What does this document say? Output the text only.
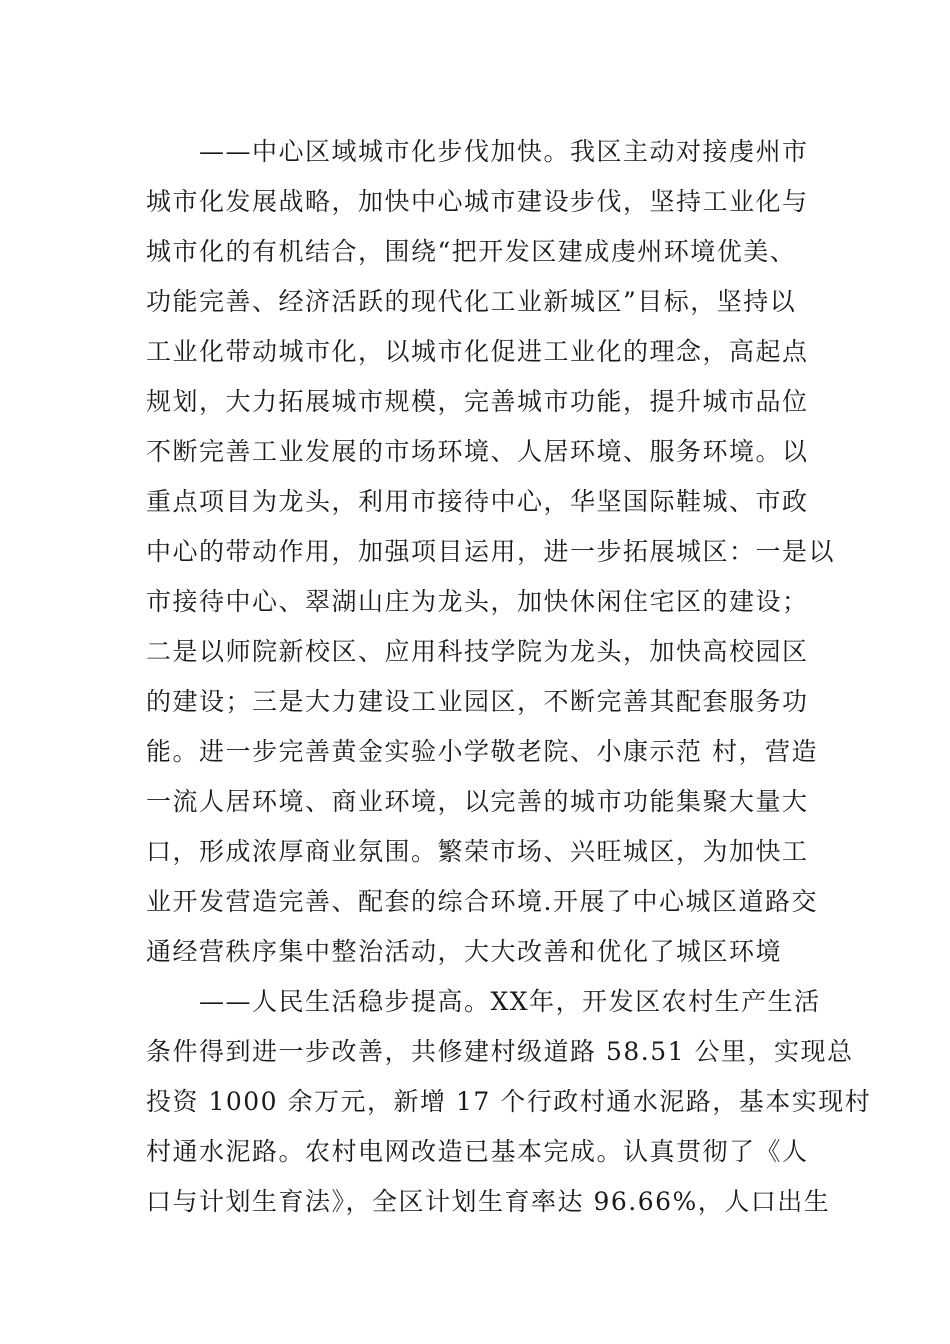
　　——中心区域城市化步伐加快。我区主动对接虔州市
城市化发展战略，加快中心城市建设步伐，坚持工业化与
城市化的有机结合，围绕“把开发区建成虔州环境优美、
功能完善、经济活跃的现代化工业新城区”目标，坚持以
工业化带动城市化，以城市化促进工业化的理念，高起点
规划，大力拓展城市规模，完善城市功能，提升城市品位
不断完善工业发展的市场环境、人居环境、服务环境。以
重点项目为龙头，利用市接待中心，华坚国际鞋城、市政
中心的带动作用，加强项目运用，进一步拓展城区：一是以
市接待中心、翠湖山庄为龙头，加快休闲住宅区的建设；
二是以师院新校区、应用科技学院为龙头，加快高校园区
的建设；三是大力建设工业园区，不断完善其配套服务功
能。进一步完善黄金实验小学敬老院、小康示范 村，营造
一流人居环境、商业环境，以完善的城市功能集聚大量大
口，形成浓厚商业氛围。繁荣市场、兴旺城区，为加快工
业开发营造完善、配套的综合环境.开展了中心城区道路交
通经营秩序集中整治活动，大大改善和优化了城区环境
　　——人民生活稳步提高。XX年，开发区农村生产生活
条件得到进一步改善，共修建村级道路 58.51 公里，实现总
投资 1000 余万元，新增 17 个行政村通水泥路，基本实现村
村通水泥路。农村电网改造已基本完成。认真贯彻了《人
口与计划生育法》，全区计划生育率达 96.66%，人口出生
